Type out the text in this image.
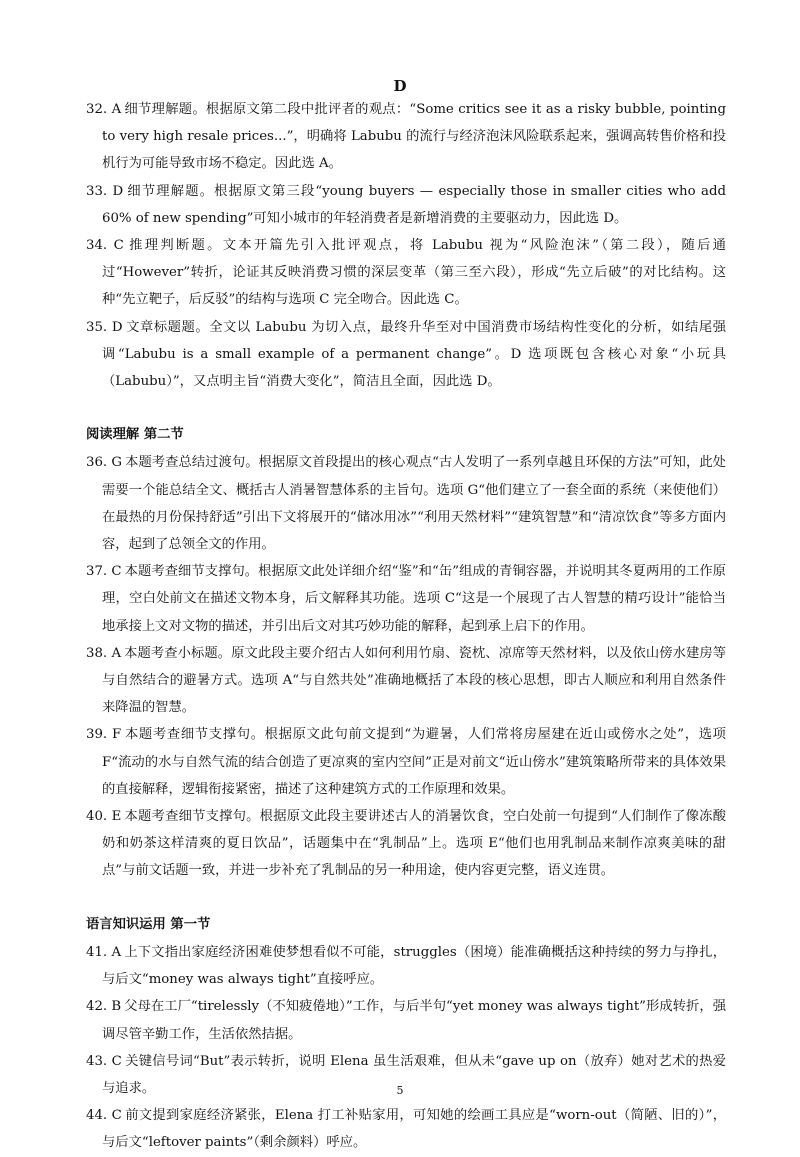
D

32. A 细节理解题。根据原文第二段中批评者的观点：“Some critics see it as a risky bubble, pointing to very high resale prices...”，明确将 Labubu 的流行与经济泡沫风险联系起来，强调高转售价格和投机行为可能导致市场不稳定。因此选 A。

33. D 细节理解题。根据原文第三段“young buyers — especially those in smaller cities who add 60% of new spending”可知小城市的年轻消费者是新增消费的主要驱动力，因此选 D。

34. C 推理判断题。文本开篇先引入批评观点，将 Labubu 视为“风险泡沫”（第二段），随后通过“However”转折，论证其反映消费习惯的深层变革（第三至六段），形成“先立后破”的对比结构。这种“先立靶子，后反驳”的结构与选项 C 完全吻合。因此选 C。

35. D 文章标题题。全文以 Labubu 为切入点，最终升华至对中国消费市场结构性变化的分析，如结尾强调“Labubu is a small example of a permanent change”。D 选项既包含核心对象“小玩具（Labubu）”，又点明主旨“消费大变化”，简洁且全面，因此选 D。

阅读理解 第二节

36. G 本题考查总结过渡句。根据原文首段提出的核心观点“古人发明了一系列卓越且环保的方法”可知，此处需要一个能总结全文、概括古人消暑智慧体系的主旨句。选项 G“他们建立了一套全面的系统（来使他们）在最热的月份保持舒适”引出下文将展开的“储冰用冰”“利用天然材料”“建筑智慧”和“清凉饮食”等多方面内容，起到了总领全文的作用。

37. C 本题考查细节支撑句。根据原文此处详细介绍“鉴”和“缶”组成的青铜容器，并说明其冬夏两用的工作原理，空白处前文在描述文物本身，后文解释其功能。选项 C“这是一个展现了古人智慧的精巧设计”能恰当地承接上文对文物的描述，并引出后文对其巧妙功能的解释，起到承上启下的作用。

38. A 本题考查小标题。原文此段主要介绍古人如何利用竹扇、瓷枕、凉席等天然材料，以及依山傍水建房等与自然结合的避暑方式。选项 A“与自然共处”准确地概括了本段的核心思想，即古人顺应和利用自然条件来降温的智慧。

39. F 本题考查细节支撑句。根据原文此句前文提到“为避暑，人们常将房屋建在近山或傍水之处”，选项 F“流动的水与自然气流的结合创造了更凉爽的室内空间”正是对前文“近山傍水”建筑策略所带来的具体效果的直接解释，逻辑衔接紧密，描述了这种建筑方式的工作原理和效果。

40. E 本题考查细节支撑句。根据原文此段主要讲述古人的消暑饮食，空白处前一句提到“人们制作了像冻酸奶和奶茶这样清爽的夏日饮品”，话题集中在“乳制品”上。选项 E“他们也用乳制品来制作凉爽美味的甜点”与前文话题一致，并进一步补充了乳制品的另一种用途，使内容更完整，语义连贯。

语言知识运用 第一节

41. A 上下文指出家庭经济困难使梦想看似不可能，struggles（困境）能准确概括这种持续的努力与挣扎，与后文“money was always tight”直接呼应。

42. B 父母在工厂“tirelessly（不知疲倦地）”工作，与后半句“yet money was always tight”形成转折，强调尽管辛勤工作，生活依然拮据。

43. C 关键信号词“But”表示转折，说明 Elena 虽生活艰难，但从未“gave up on（放弃）她对艺术的热爱与追求。

44. C 前文提到家庭经济紧张，Elena 打工补贴家用，可知她的绘画工具应是“worn-out（简陋、旧的）”，与后文“leftover paints”（剩余颜料）呼应。

5
